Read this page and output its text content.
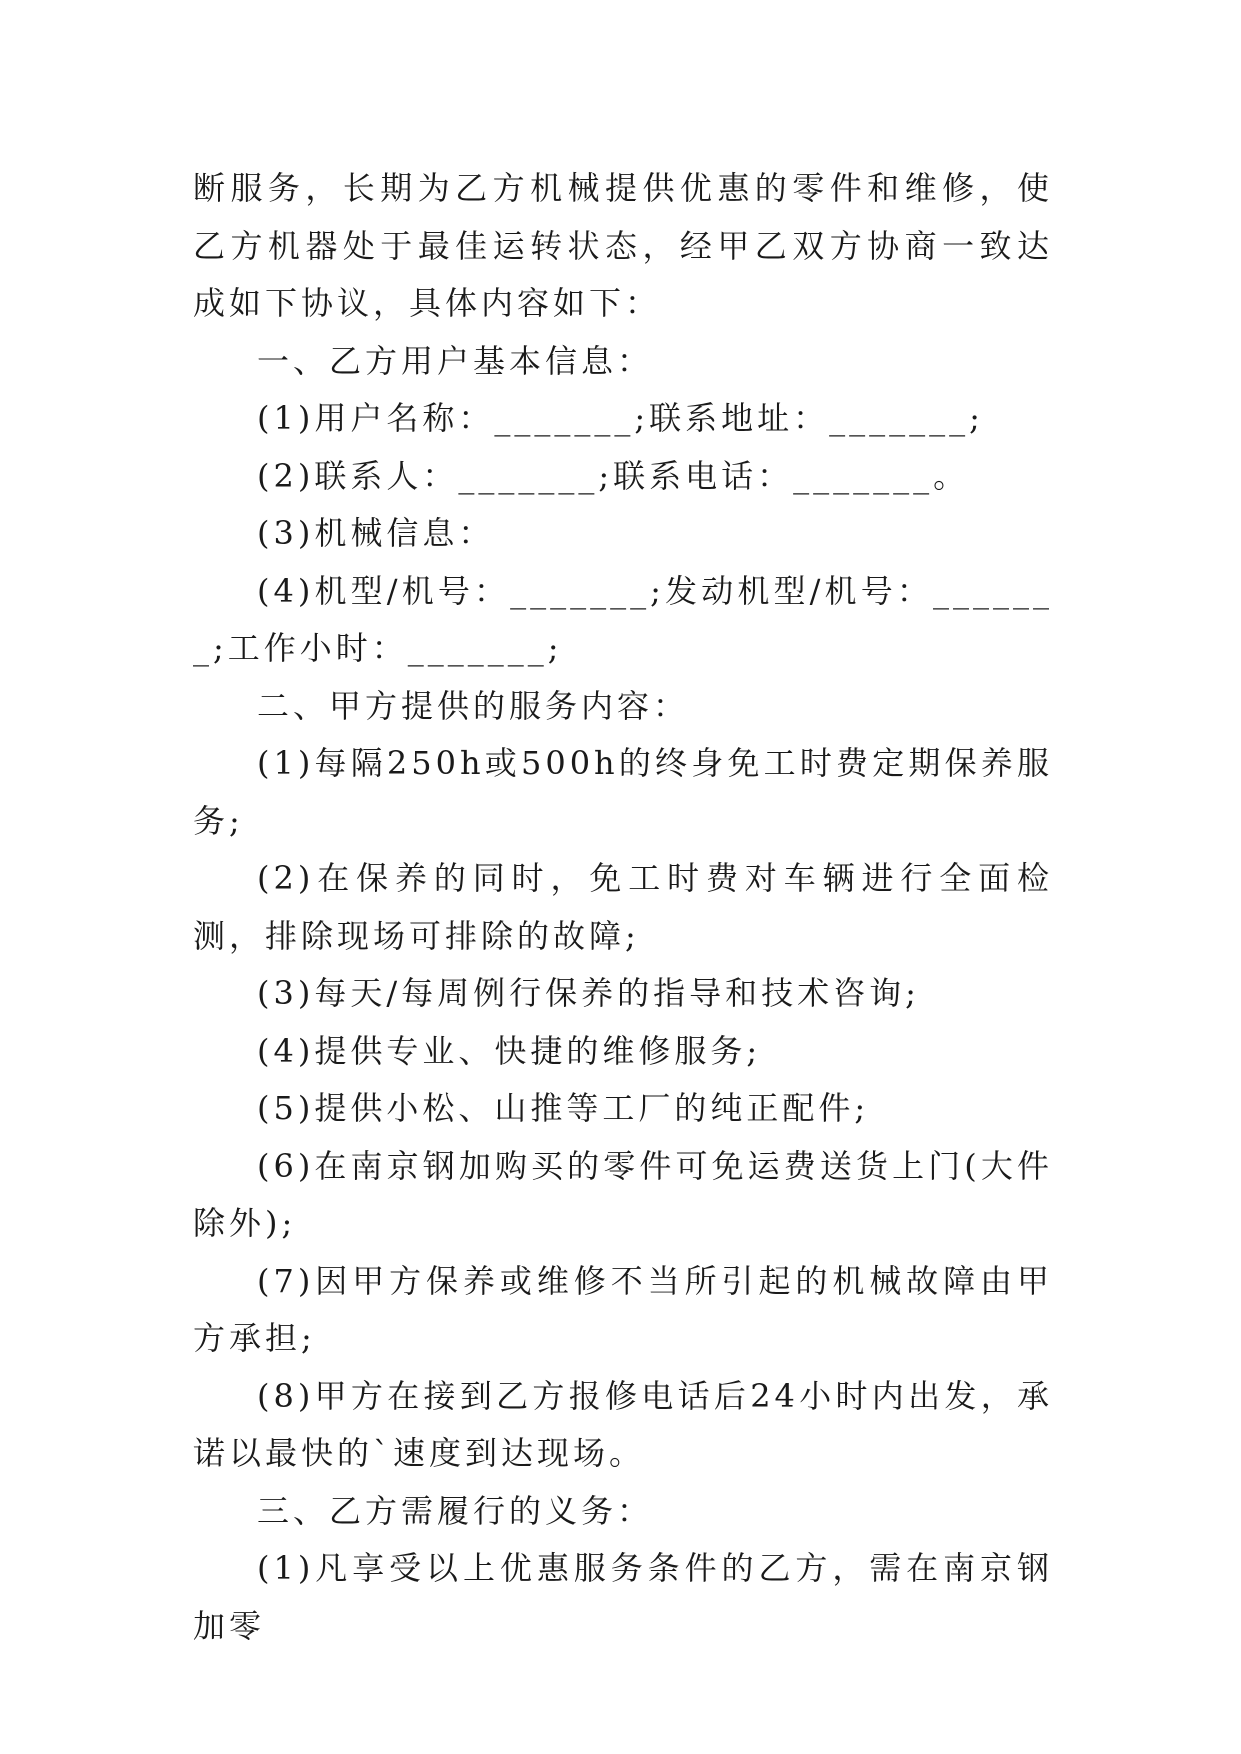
断服务，长期为乙方机械提供优惠的零件和维修，使乙方机器处于最佳运转状态，经甲乙双方协商一致达成如下协议，具体内容如下：

一、乙方用户基本信息：

(1)用户名称：_______;联系地址：_______;

(2)联系人：_______;联系电话：_______。

(3)机械信息：

(4)机型/机号：_______;发动机型/机号：_______;工作小时：_______;

二、甲方提供的服务内容：

(1)每隔250h或500h的终身免工时费定期保养服务;

(2)在保养的同时，免工时费对车辆进行全面检测，排除现场可排除的故障;

(3)每天/每周例行保养的指导和技术咨询;

(4)提供专业、快捷的维修服务;

(5)提供小松、山推等工厂的纯正配件;

(6)在南京钢加购买的零件可免运费送货上门(大件除外);

(7)因甲方保养或维修不当所引起的机械故障由甲方承担;

(8)甲方在接到乙方报修电话后24小时内出发，承诺以最快的`速度到达现场。

三、乙方需履行的义务：

(1)凡享受以上优惠服务条件的乙方，需在南京钢加零
